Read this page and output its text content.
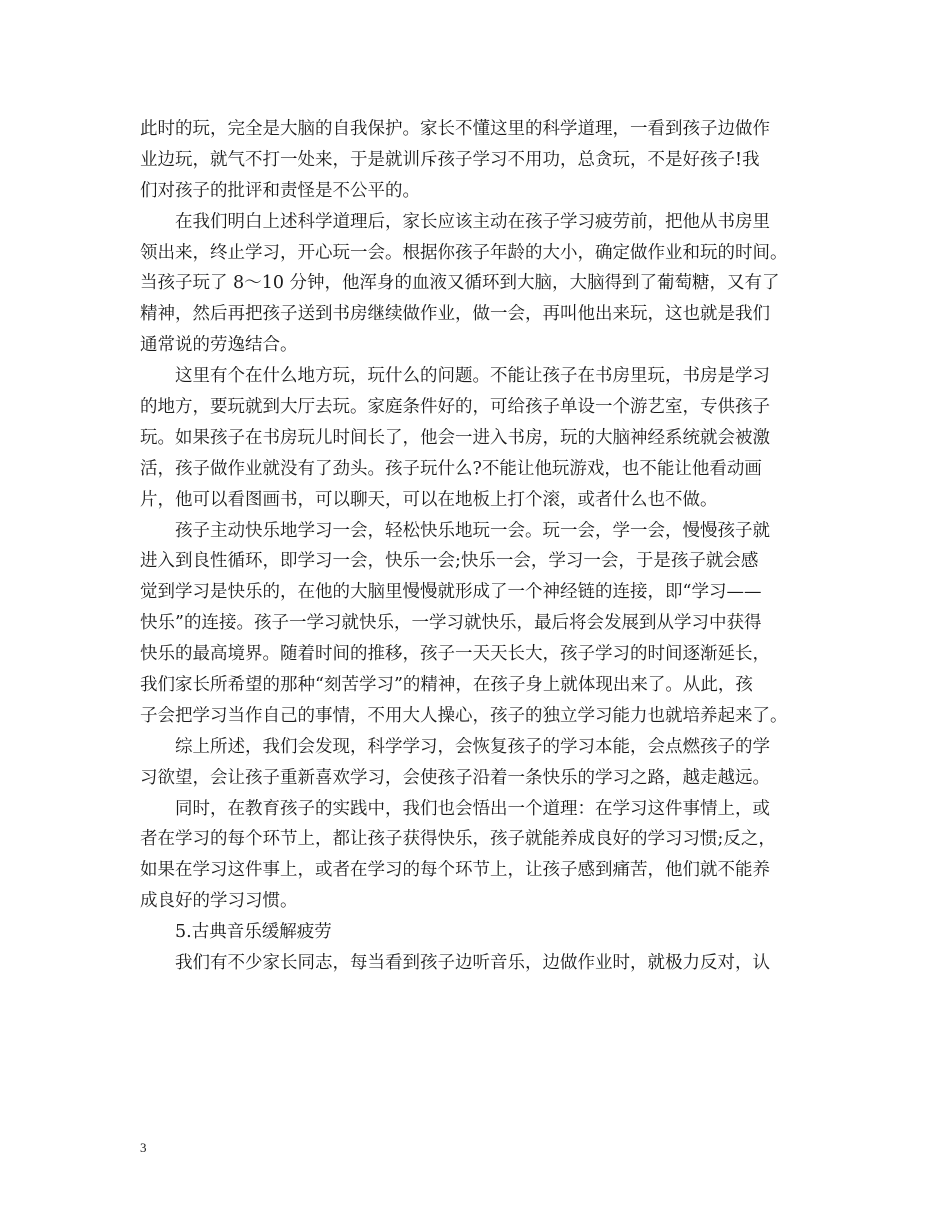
此时的玩，完全是大脑的自我保护。家长不懂这里的科学道理，一看到孩子边做作
业边玩，就气不打一处来，于是就训斥孩子学习不用功，总贪玩，不是好孩子!我
们对孩子的批评和责怪是不公平的。
在我们明白上述科学道理后，家长应该主动在孩子学习疲劳前，把他从书房里
领出来，终止学习，开心玩一会。根据你孩子年龄的大小，确定做作业和玩的时间。
当孩子玩了 8～10 分钟，他浑身的血液又循环到大脑，大脑得到了葡萄糖，又有了
精神，然后再把孩子送到书房继续做作业，做一会，再叫他出来玩，这也就是我们
通常说的劳逸结合。
这里有个在什么地方玩，玩什么的问题。不能让孩子在书房里玩，书房是学习
的地方，要玩就到大厅去玩。家庭条件好的，可给孩子单设一个游艺室，专供孩子
玩。如果孩子在书房玩儿时间长了，他会一进入书房，玩的大脑神经系统就会被激
活，孩子做作业就没有了劲头。孩子玩什么?不能让他玩游戏，也不能让他看动画
片，他可以看图画书，可以聊天，可以在地板上打个滚，或者什么也不做。
孩子主动快乐地学习一会，轻松快乐地玩一会。玩一会，学一会，慢慢孩子就
进入到良性循环，即学习一会，快乐一会;快乐一会，学习一会，于是孩子就会感
觉到学习是快乐的，在他的大脑里慢慢就形成了一个神经链的连接，即“学习——
快乐”的连接。孩子一学习就快乐，一学习就快乐，最后将会发展到从学习中获得
快乐的最高境界。随着时间的推移，孩子一天天长大，孩子学习的时间逐渐延长，
我们家长所希望的那种“刻苦学习”的精神，在孩子身上就体现出来了。从此，孩
子会把学习当作自己的事情，不用大人操心，孩子的独立学习能力也就培养起来了。
综上所述，我们会发现，科学学习，会恢复孩子的学习本能，会点燃孩子的学
习欲望，会让孩子重新喜欢学习，会使孩子沿着一条快乐的学习之路，越走越远。
同时，在教育孩子的实践中，我们也会悟出一个道理：在学习这件事情上，或
者在学习的每个环节上，都让孩子获得快乐，孩子就能养成良好的学习习惯;反之，
如果在学习这件事上，或者在学习的每个环节上，让孩子感到痛苦，他们就不能养
成良好的学习习惯。
5.古典音乐缓解疲劳
我们有不少家长同志，每当看到孩子边听音乐，边做作业时，就极力反对，认
3
